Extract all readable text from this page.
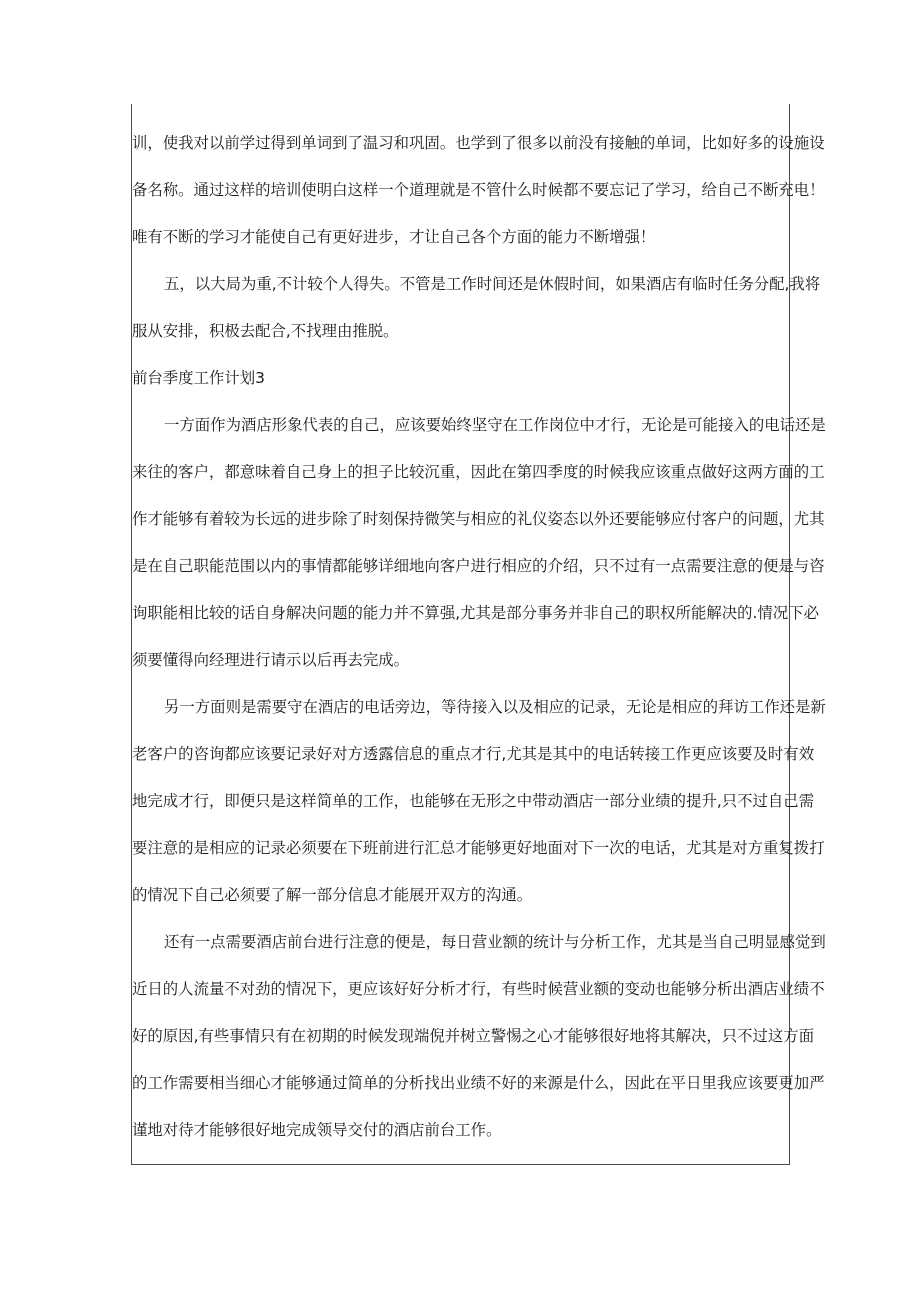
训，使我对以前学过得到单词到了温习和巩固。也学到了很多以前没有接触的单词，比如好多的设施设
备名称。通过这样的培训使明白这样一个道理就是不管什么时候都不要忘记了学习，给自己不断充电！
唯有不断的学习才能使自己有更好进步，才让自己各个方面的能力不断增强！
五，以大局为重,不计较个人得失。不管是工作时间还是休假时间，如果酒店有临时任务分配,我将
服从安排，积极去配合,不找理由推脱。
前台季度工作计划3
一方面作为酒店形象代表的自己，应该要始终坚守在工作岗位中才行，无论是可能接入的电话还是
来往的客户，都意味着自己身上的担子比较沉重，因此在第四季度的时候我应该重点做好这两方面的工
作才能够有着较为长远的进步除了时刻保持微笑与相应的礼仪姿态以外还要能够应付客户的问题，尤其
是在自己职能范围以内的事情都能够详细地向客户进行相应的介绍，只不过有一点需要注意的便是与咨
询职能相比较的话自身解决问题的能力并不算强,尤其是部分事务并非自己的职权所能解决的.情况下必
须要懂得向经理进行请示以后再去完成。
另一方面则是需要守在酒店的电话旁边，等待接入以及相应的记录，无论是相应的拜访工作还是新
老客户的咨询都应该要记录好对方透露信息的重点才行,尤其是其中的电话转接工作更应该要及时有效
地完成才行，即便只是这样简单的工作，也能够在无形之中带动酒店一部分业绩的提升,只不过自己需
要注意的是相应的记录必须要在下班前进行汇总才能够更好地面对下一次的电话，尤其是对方重复拨打
的情况下自己必须要了解一部分信息才能展开双方的沟通。
还有一点需要酒店前台进行注意的便是，每日营业额的统计与分析工作，尤其是当自己明显感觉到
近日的人流量不对劲的情况下，更应该好好分析才行，有些时候营业额的变动也能够分析出酒店业绩不
好的原因,有些事情只有在初期的时候发现端倪并树立警惕之心才能够很好地将其解决，只不过这方面
的工作需要相当细心才能够通过简单的分析找出业绩不好的来源是什么，因此在平日里我应该要更加严
谨地对待才能够很好地完成领导交付的酒店前台工作。
